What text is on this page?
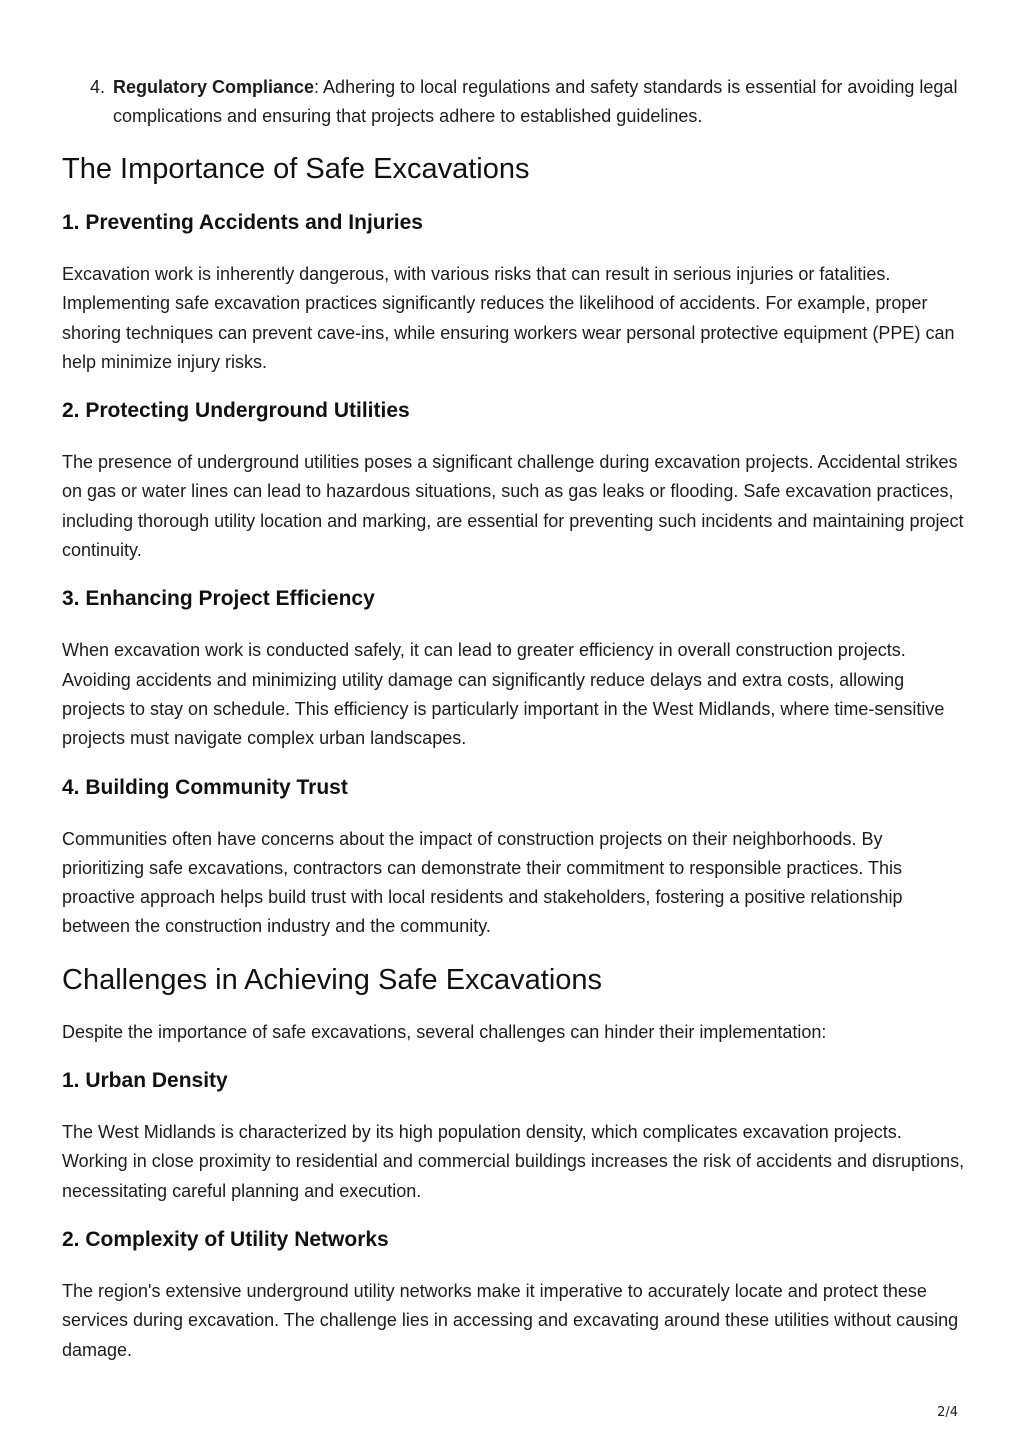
4. Regulatory Compliance: Adhering to local regulations and safety standards is essential for avoiding legal complications and ensuring that projects adhere to established guidelines.
The Importance of Safe Excavations
1. Preventing Accidents and Injuries

Excavation work is inherently dangerous, with various risks that can result in serious injuries or fatalities. Implementing safe excavation practices significantly reduces the likelihood of accidents. For example, proper shoring techniques can prevent cave-ins, while ensuring workers wear personal protective equipment (PPE) can help minimize injury risks.

2. Protecting Underground Utilities

The presence of underground utilities poses a significant challenge during excavation projects. Accidental strikes on gas or water lines can lead to hazardous situations, such as gas leaks or flooding. Safe excavation practices, including thorough utility location and marking, are essential for preventing such incidents and maintaining project continuity.

3. Enhancing Project Efficiency

When excavation work is conducted safely, it can lead to greater efficiency in overall construction projects. Avoiding accidents and minimizing utility damage can significantly reduce delays and extra costs, allowing projects to stay on schedule. This efficiency is particularly important in the West Midlands, where time-sensitive projects must navigate complex urban landscapes.

4. Building Community Trust

Communities often have concerns about the impact of construction projects on their neighborhoods. By prioritizing safe excavations, contractors can demonstrate their commitment to responsible practices. This proactive approach helps build trust with local residents and stakeholders, fostering a positive relationship between the construction industry and the community.

Challenges in Achieving Safe Excavations

Despite the importance of safe excavations, several challenges can hinder their implementation:

1. Urban Density

The West Midlands is characterized by its high population density, which complicates excavation projects. Working in close proximity to residential and commercial buildings increases the risk of accidents and disruptions, necessitating careful planning and execution.

2. Complexity of Utility Networks

The region's extensive underground utility networks make it imperative to accurately locate and protect these services during excavation. The challenge lies in accessing and excavating around these utilities without causing damage.

2/4
